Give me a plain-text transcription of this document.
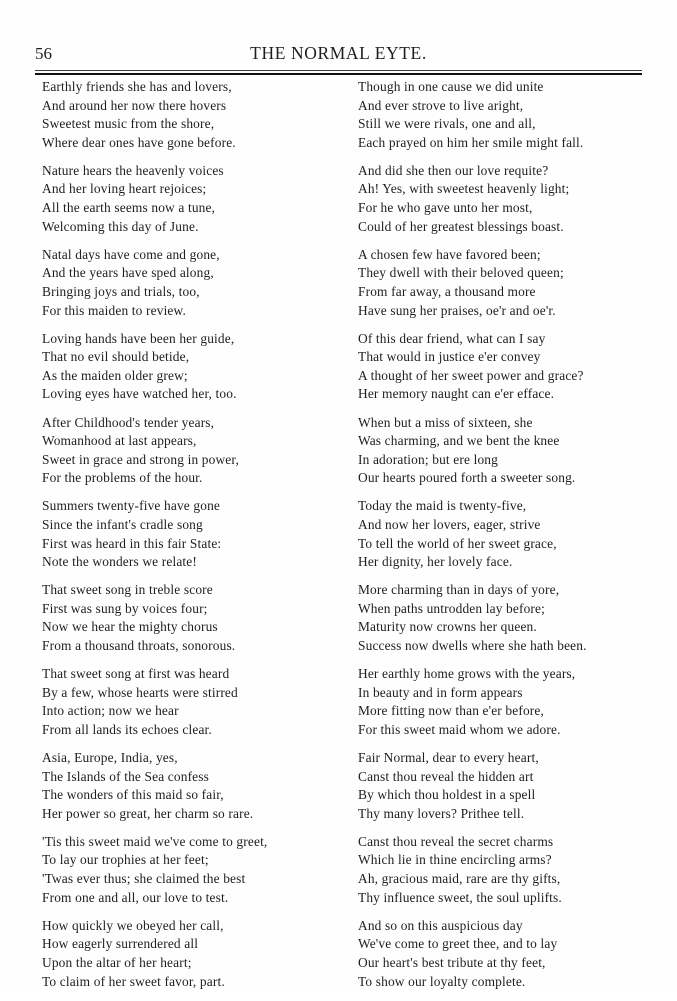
56	THE NORMAL EYTE.
Earthly friends she has and lovers,
And around her now there hovers
Sweetest music from the shore,
Where dear ones have gone before.
Nature hears the heavenly voices
And her loving heart rejoices;
All the earth seems now a tune,
Welcoming this day of June.
Natal days have come and gone,
And the years have sped along,
Bringing joys and trials, too,
For this maiden to review.
Loving hands have been her guide,
That no evil should betide,
As the maiden older grew;
Loving eyes have watched her, too.
After Childhood's tender years,
Womanhood at last appears,
Sweet in grace and strong in power,
For the problems of the hour.
Summers twenty-five have gone
Since the infant's cradle song
First was heard in this fair State:
Note the wonders we relate!
That sweet song in treble score
First was sung by voices four;
Now we hear the mighty chorus
From a thousand throats, sonorous.
That sweet song at first was heard
By a few, whose hearts were stirred
Into action; now we hear
From all lands its echoes clear.
Asia, Europe, India, yes,
The Islands of the Sea confess
The wonders of this maid so fair,
Her power so great, her charm so rare.
'Tis this sweet maid we've come to greet,
To lay our trophies at her feet;
'Twas ever thus; she claimed the best
From one and all, our love to test.
How quickly we obeyed her call,
How eagerly surrendered all
Upon the altar of her heart;
To claim of her sweet favor, part.
Though in one cause we did unite
And ever strove to live aright,
Still we were rivals, one and all,
Each prayed on him her smile might fall.
And did she then our love requite?
Ah! Yes, with sweetest heavenly light;
For he who gave unto her most,
Could of her greatest blessings boast.
A chosen few have favored been;
They dwell with their beloved queen;
From far away, a thousand more
Have sung her praises, oe'r and oe'r.
Of this dear friend, what can I say
That would in justice e'er convey
A thought of her sweet power and grace?
Her memory naught can e'er efface.
When but a miss of sixteen, she
Was charming, and we bent the knee
In adoration; but ere long
Our hearts poured forth a sweeter song.
Today the maid is twenty-five,
And now her lovers, eager, strive
To tell the world of her sweet grace,
Her dignity, her lovely face.
More charming than in days of yore,
When paths untrodden lay before;
Maturity now crowns her queen.
Success now dwells where she hath been.
Her earthly home grows with the years,
In beauty and in form appears
More fitting now than e'er before,
For this sweet maid whom we adore.
Fair Normal, dear to every heart,
Canst thou reveal the hidden art
By which thou holdest in a spell
Thy many lovers? Prithee tell.
Canst thou reveal the secret charms
Which lie in thine encircling arms?
Ah, gracious maid, rare are thy gifts,
Thy influence sweet, the soul uplifts.
And so on this auspicious day
We've come to greet thee, and to lay
Our heart's best tribute at thy feet,
To show our loyalty complete.
